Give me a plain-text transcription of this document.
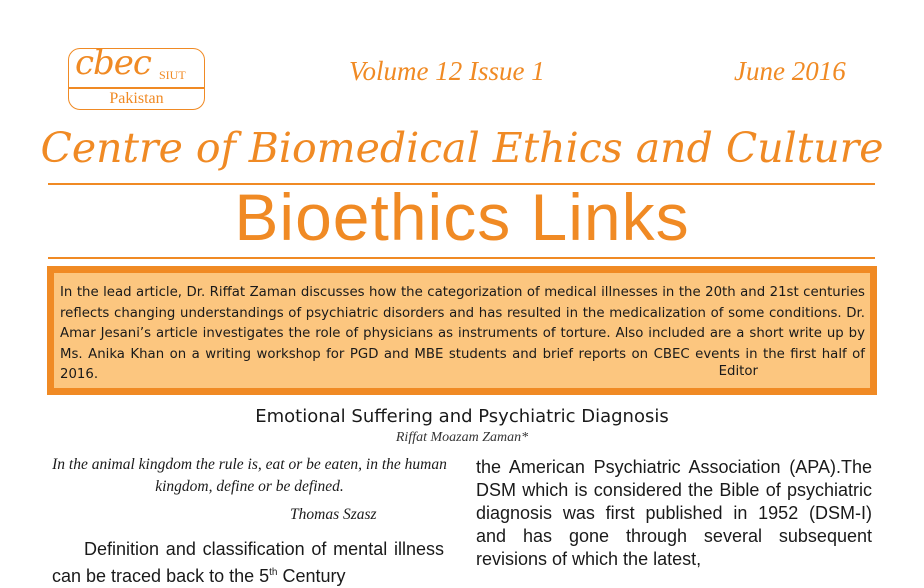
cbec SIUT
Pakistan
Volume 12 Issue 1	June 2016
Centre of Biomedical Ethics and Culture
Bioethics Links

In the lead article, Dr. Riffat Zaman discusses how the categorization of medical illnesses in the 20th and 21st centuries reflects changing understandings of psychiatric disorders and has resulted in the medicalization of some conditions. Dr. Amar Jesani’s article investigates the role of physicians as instruments of torture. Also included are a short write up by Ms. Anika Khan on a writing workshop for PGD and MBE students and brief reports on CBEC events in the first half of 2016.	Editor
Emotional Suffering and Psychiatric Diagnosis
Riffat Moazam Zaman*
In the animal kingdom the rule is, eat or be eaten, in the human kingdom, define or be defined.
Thomas Szasz
Definition and classification of mental illness can be traced back to the 5th Century
the American Psychiatric Association (APA).The DSM which is considered the Bible of psychiatric diagnosis was first published in 1952 (DSM-I) and has gone through several subsequent revisions of which the latest,
